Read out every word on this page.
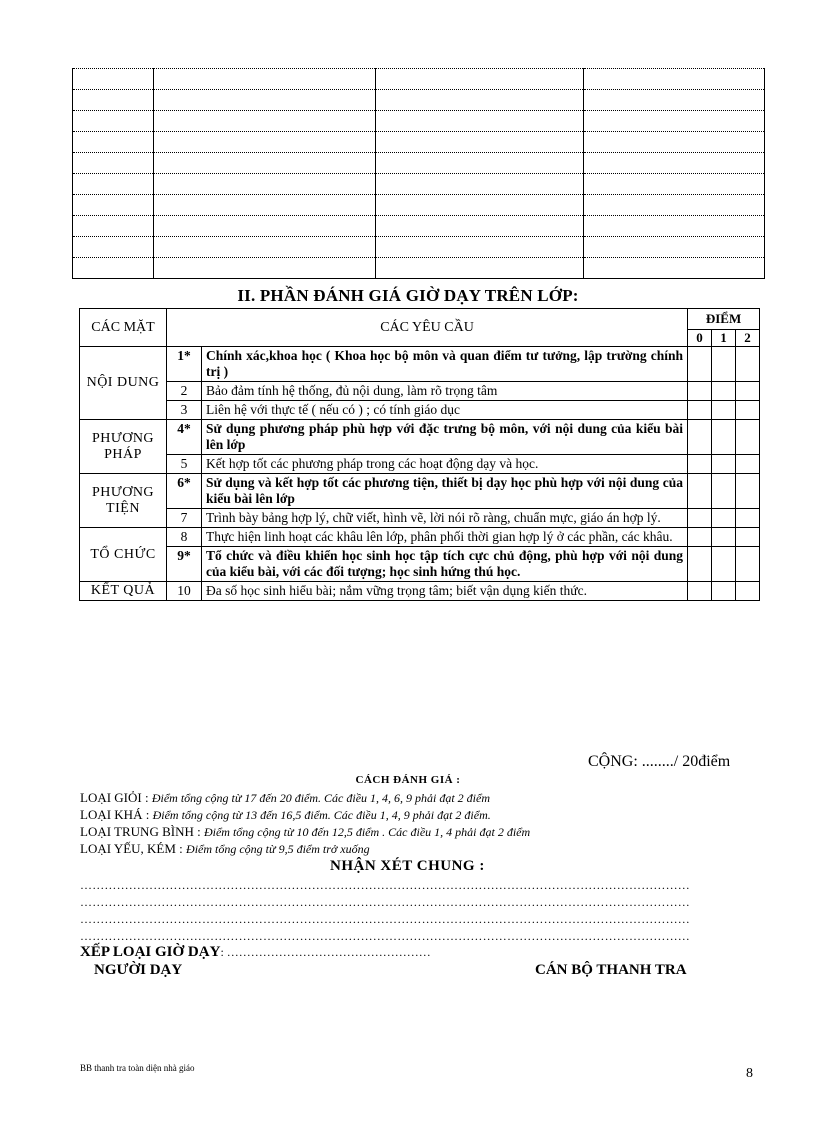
II. PHẦN ĐÁNH GIÁ GIỜ DẠY TRÊN LỚP:
CÁC MẶT	CÁC YÊU CẦU		ĐIỂM		
			0	1	2
NỘI DUNG	1*	Chính xác,khoa học ( Khoa học bộ môn và quan điểm tư tưởng, lập trường chính trị )			
	2	Bảo đảm tính hệ thống, đủ nội dung, làm rõ trọng tâm			
	3	Liên hệ với thực tế ( nếu có ) ; có tính giáo dục			
PHƯƠNG PHÁP	4*	Sử dụng phương pháp phù hợp với đặc trưng bộ môn, với nội dung của kiểu bài lên lớp			
	5	Kết hợp tốt các phương pháp trong các hoạt động dạy và học.			
PHƯƠNG TIỆN	6*	Sử dụng và kết hợp tốt các phương tiện, thiết bị dạy học phù hợp với nội dung của kiểu bài lên lớp			
	7	Trình bày bảng hợp lý, chữ viết, hình vẽ, lời nói rõ ràng, chuẩn mực, giáo án hợp lý.			
TỔ CHỨC	8	Thực hiện linh hoạt các khâu lên lớp, phân phối thời gian hợp lý ở các phần, các khâu.			
	9*	Tổ chức và điều khiển học sinh học tập tích cực chủ động, phù hợp với nội dung của kiểu bài, với các đối tượng; học sinh hứng thú học.			
KẾT QUẢ	10	Đa số học sinh hiểu bài; nắm vững trọng tâm; biết vận dụng kiến thức.			
CỘNG: ......../ 20điểm
CÁCH ĐÁNH GIÁ :
LOẠI GIỎI : Điểm tổng cộng từ 17 đến 20 điểm. Các điều 1, 4, 6, 9 phải đạt 2 điểm
LOẠI KHÁ : Điểm tổng cộng từ 13 đến 16,5 điểm. Các điều 1, 4, 9 phải đạt 2 điểm.
LOẠI TRUNG BÌNH : Điểm tổng cộng từ 10 đến 12,5 điểm . Các điều 1, 4 phải đạt 2 điểm
LOẠI YẾU, KÉM : Điểm tổng cộng từ 9,5 điểm trở xuống
NHẬN XÉT CHUNG :
……………………………………………………………………………………………………………………………………
……………………………………………………………………………………………………………………………………
……………………………………………………………………………………………………………………………………
……………………………………………………………………………………………………………………………………
XẾP LOẠI GIỜ DẠY: ……………………………………………
NGƯỜI DẠY	CÁN BỘ THANH TRA
BB thanh tra toàn diện nhà giáo	8
